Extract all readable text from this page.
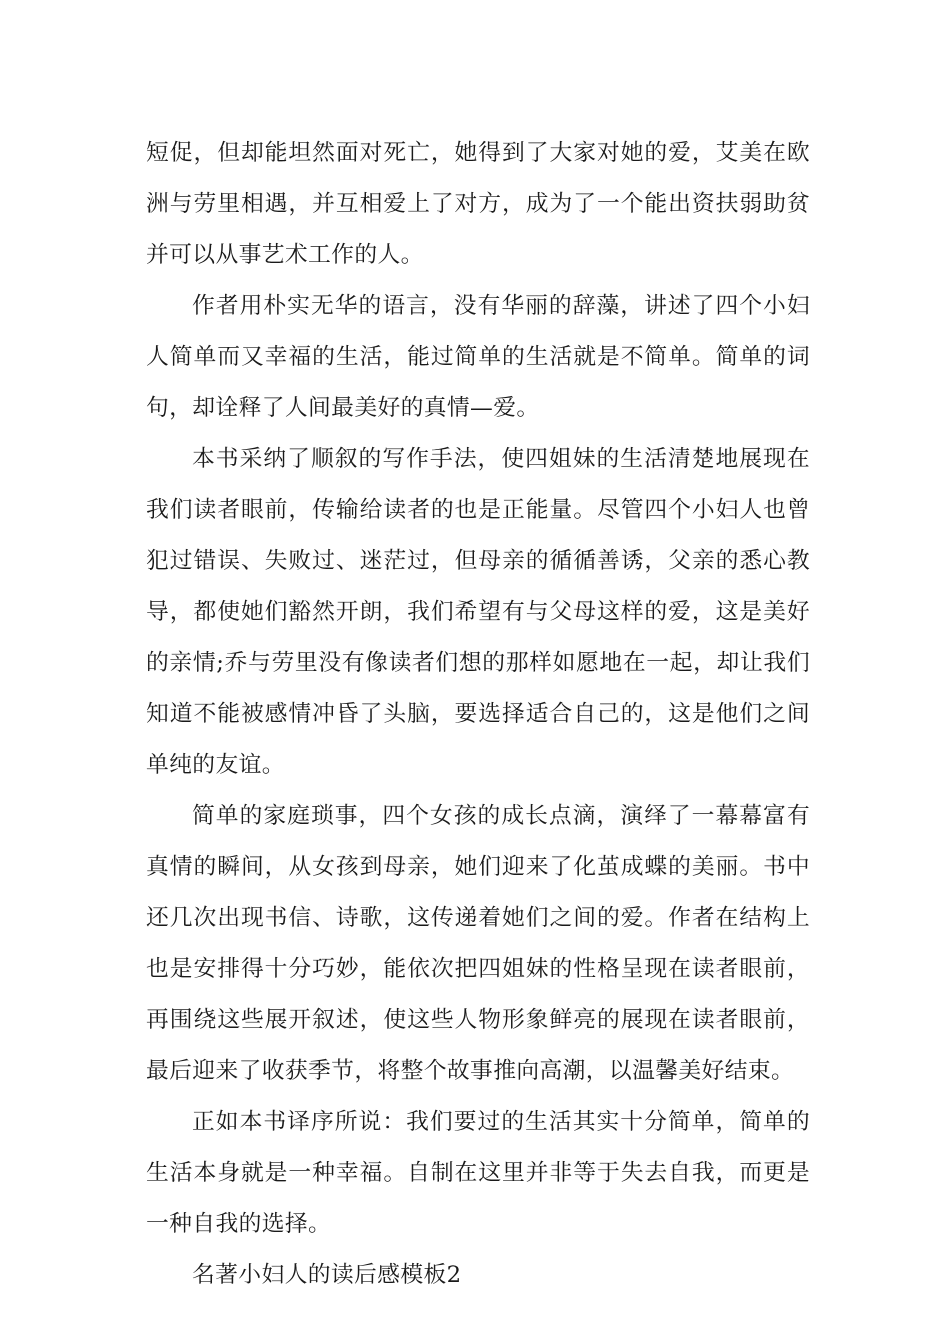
短促，但却能坦然面对死亡，她得到了大家对她的爱，艾美在欧洲与劳里相遇，并互相爱上了对方，成为了一个能出资扶弱助贫并可以从事艺术工作的人。

作者用朴实无华的语言，没有华丽的辞藻，讲述了四个小妇人简单而又幸福的生活，能过简单的生活就是不简单。简单的词句，却诠释了人间最美好的真情—爱。

本书采纳了顺叙的写作手法，使四姐妹的生活清楚地展现在我们读者眼前，传输给读者的也是正能量。尽管四个小妇人也曾犯过错误、失败过、迷茫过，但母亲的循循善诱，父亲的悉心教导，都使她们豁然开朗，我们希望有与父母这样的爱，这是美好的亲情;乔与劳里没有像读者们想的那样如愿地在一起，却让我们知道不能被感情冲昏了头脑，要选择适合自己的，这是他们之间单纯的友谊。

简单的家庭琐事，四个女孩的成长点滴，演绎了一幕幕富有真情的瞬间，从女孩到母亲，她们迎来了化茧成蝶的美丽。书中还几次出现书信、诗歌，这传递着她们之间的爱。作者在结构上也是安排得十分巧妙，能依次把四姐妹的性格呈现在读者眼前，再围绕这些展开叙述，使这些人物形象鲜亮的展现在读者眼前，最后迎来了收获季节，将整个故事推向高潮，以温馨美好结束。

正如本书译序所说：我们要过的生活其实十分简单，简单的生活本身就是一种幸福。自制在这里并非等于失去自我，而更是一种自我的选择。

名著小妇人的读后感模板2
